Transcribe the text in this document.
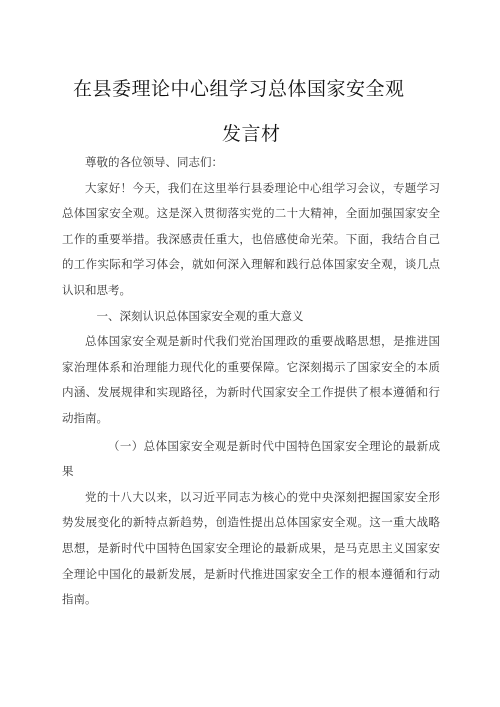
在县委理论中心组学习总体国家安全观
发言材

尊敬的各位领导、同志们：

大家好！今天，我们在这里举行县委理论中心组学习会议，专题学习总体国家安全观。这是深入贯彻落实党的二十大精神，全面加强国家安全工作的重要举措。我深感责任重大，也倍感使命光荣。下面，我结合自己的工作实际和学习体会，就如何深入理解和践行总体国家安全观，谈几点认识和思考。

一、深刻认识总体国家安全观的重大意义

总体国家安全观是新时代我们党治国理政的重要战略思想，是推进国家治理体系和治理能力现代化的重要保障。它深刻揭示了国家安全的本质内涵、发展规律和实现路径，为新时代国家安全工作提供了根本遵循和行动指南。

（一）总体国家安全观是新时代中国特色国家安全理论的最新成果

党的十八大以来，以习近平同志为核心的党中央深刻把握国家安全形势发展变化的新特点新趋势，创造性提出总体国家安全观。这一重大战略思想，是新时代中国特色国家安全理论的最新成果，是马克思主义国家安全理论中国化的最新发展，是新时代推进国家安全工作的根本遵循和行动指南。
